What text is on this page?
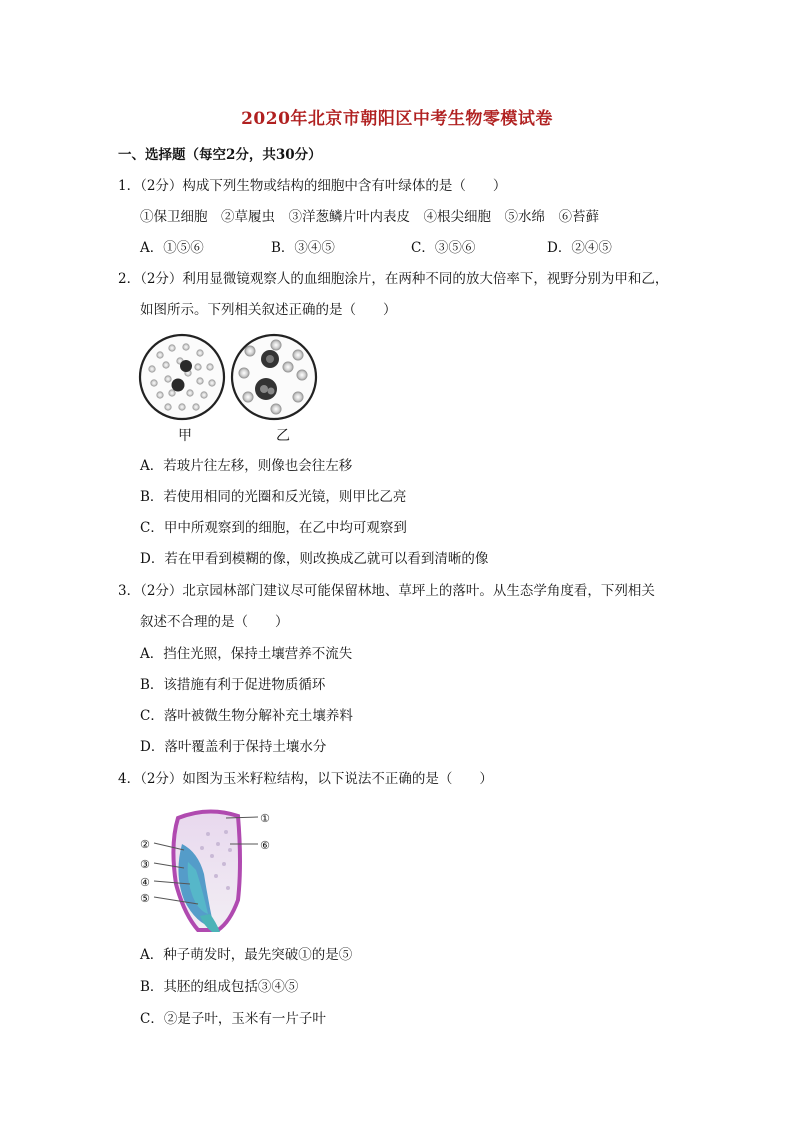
2020年北京市朝阳区中考生物零模试卷
一、选择题（每空2分，共30分）
1．（2分）构成下列生物或结构的细胞中含有叶绿体的是（　　）
①保卫细胞　②草履虫　③洋葱鳞片叶内表皮　④根尖细胞　⑤水绵　⑥苔藓
A．①⑤⑥	B．③④⑤	C．③⑤⑥	D．②④⑤
2．（2分）利用显微镜观察人的血细胞涂片，在两种不同的放大倍率下，视野分别为甲和乙，
如图所示。下列相关叙述正确的是（　　）
甲	乙
A．若玻片往左移，则像也会往左移
B．若使用相同的光圈和反光镜，则甲比乙亮
C．甲中所观察到的细胞，在乙中均可观察到
D．若在甲看到模糊的像，则改换成乙就可以看到清晰的像
3．（2分）北京园林部门建议尽可能保留林地、草坪上的落叶。从生态学角度看，下列相关
叙述不合理的是（　　）
A．挡住光照，保持土壤营养不流失
B．该措施有利于促进物质循环
C．落叶被微生物分解补充土壤养料
D．落叶覆盖利于保持土壤水分
4．（2分）如图为玉米籽粒结构，以下说法不正确的是（　　）
①
②
③
④
⑤
⑥
A．种子萌发时，最先突破①的是⑤
B．其胚的组成包括③④⑤
C．②是子叶，玉米有一片子叶
